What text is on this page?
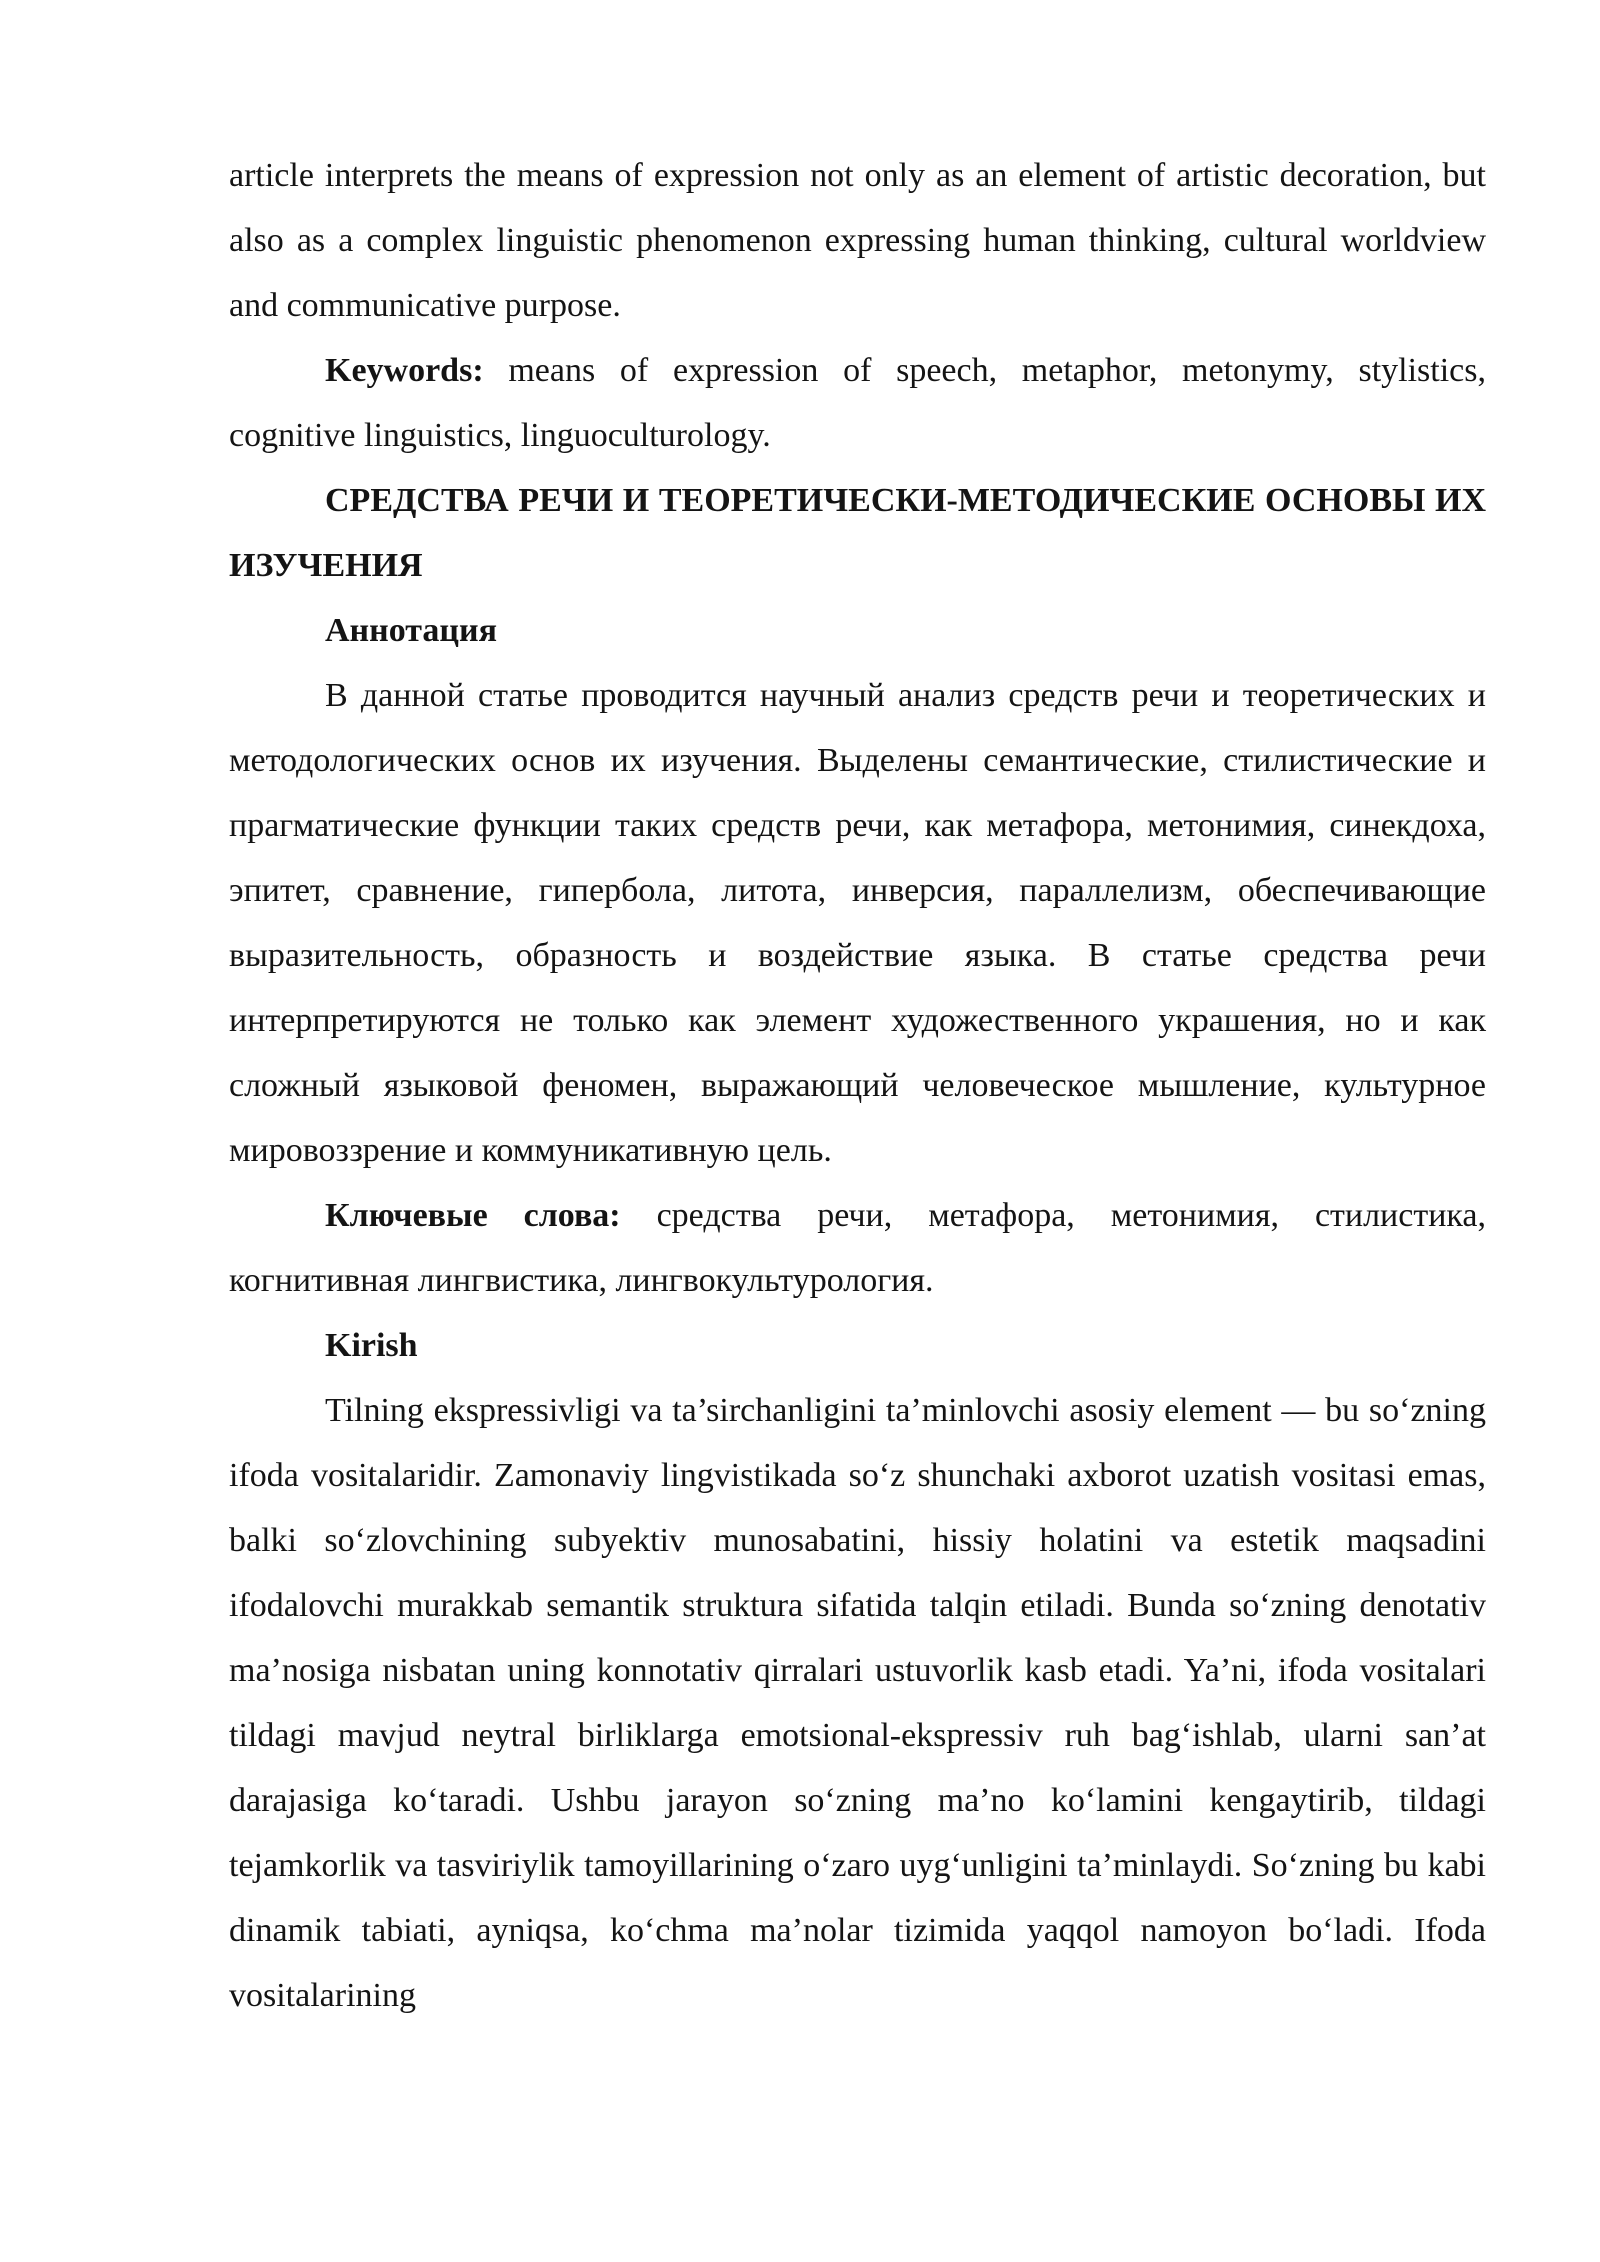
article interprets the means of expression not only as an element of artistic decoration, but also as a complex linguistic phenomenon expressing human thinking, cultural worldview and communicative purpose.

Keywords: means of expression of speech, metaphor, metonymy, stylistics, cognitive linguistics, linguoculturology.

СРЕДСТВА РЕЧИ И ТЕОРЕТИЧЕСКИ-МЕТОДИЧЕСКИЕ ОСНОВЫ ИХ ИЗУЧЕНИЯ

Аннотация

В данной статье проводится научный анализ средств речи и теоретических и методологических основ их изучения. Выделены семантические, стилистические и прагматические функции таких средств речи, как метафора, метонимия, синекдоха, эпитет, сравнение, гипербола, литота, инверсия, параллелизм, обеспечивающие выразительность, образность и воздействие языка. В статье средства речи интерпретируются не только как элемент художественного украшения, но и как сложный языковой феномен, выражающий человеческое мышление, культурное мировоззрение и коммуникативную цель.

Ключевые слова: средства речи, метафора, метонимия, стилистика, когнитивная лингвистика, лингвокультурология.

Kirish

Tilning ekspressivligi va ta’sirchanligini ta’minlovchi asosiy element — bu so‘zning ifoda vositalaridir. Zamonaviy lingvistikada so‘z shunchaki axborot uzatish vositasi emas, balki so‘zlovchining subyektiv munosabatini, hissiy holatini va estetik maqsadini ifodalovchi murakkab semantik struktura sifatida talqin etiladi. Bunda so‘zning denotativ ma’nosiga nisbatan uning konnotativ qirralari ustuvorlik kasb etadi. Ya’ni, ifoda vositalari tildagi mavjud neytral birliklarga emotsional-ekspressiv ruh bag‘ishlab, ularni san’at darajasiga ko‘taradi. Ushbu jarayon so‘zning ma’no ko‘lamini kengaytirib, tildagi tejamkorlik va tasviriylik tamoyillarining o‘zaro uyg‘unligini ta’minlaydi. So‘zning bu kabi dinamik tabiati, ayniqsa, ko‘chma ma’nolar tizimida yaqqol namoyon bo‘ladi. Ifoda vositalarining
